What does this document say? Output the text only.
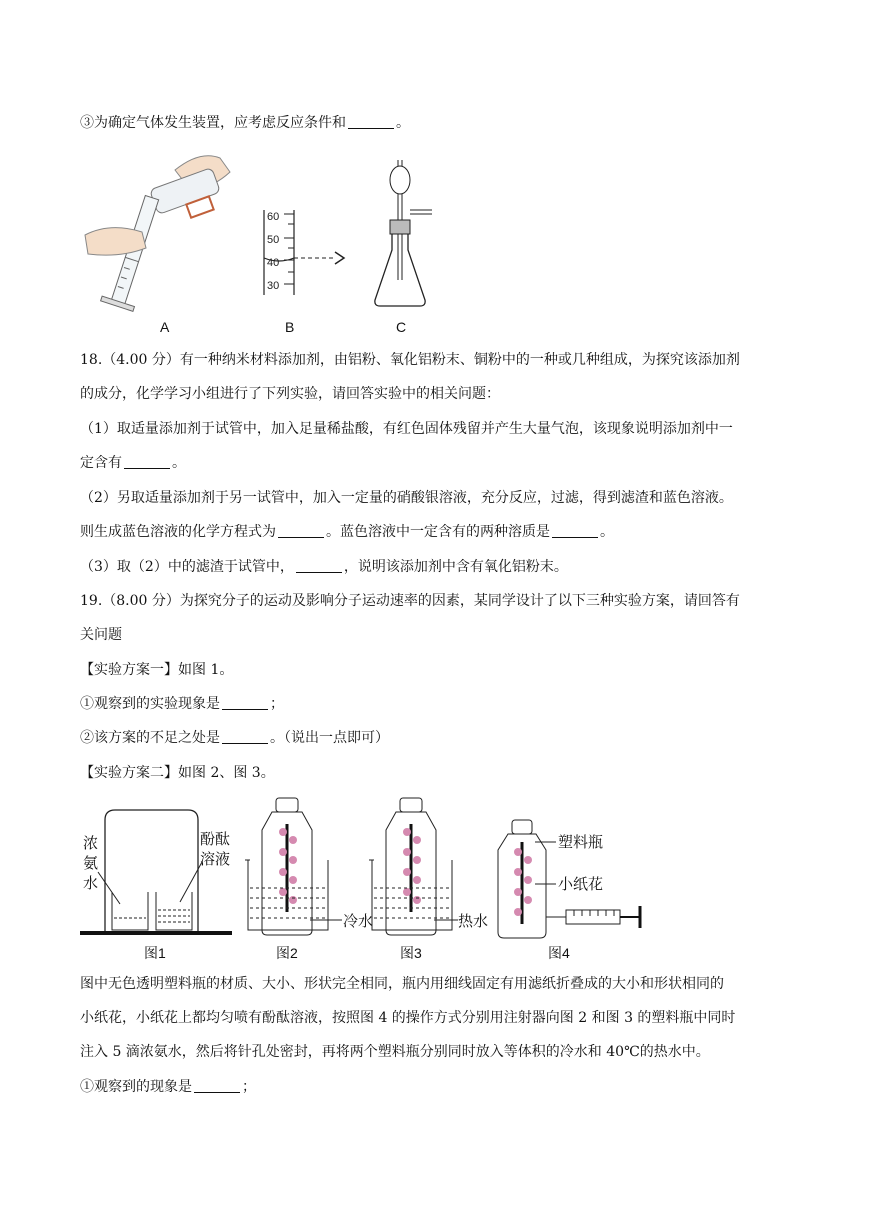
③为确定气体发生装置，应考虑反应条件和	。
A
60
50
40
30
B	C
18.（4.00 分）有一种纳米材料添加剂，由铝粉、氧化铝粉末、铜粉中的一种或几种组成，为探究该添加剂
的成分，化学学习小组进行了下列实验，请回答实验中的相关问题：
（1）取适量添加剂于试管中，加入足量稀盐酸，有红色固体残留并产生大量气泡，该现象说明添加剂中一
定含有	。
（2）另取适量添加剂于另一试管中，加入一定量的硝酸银溶液，充分反应，过滤，得到滤渣和蓝色溶液。
则生成蓝色溶液的化学方程式为	。蓝色溶液中一定含有的两种溶质是	。
（3）取（2）中的滤渣于试管中，	，说明该添加剂中含有氧化铝粉末。
19.（8.00 分）为探究分子的运动及影响分子运动速率的因素，某同学设计了以下三种实验方案，请回答有
关问题
【实验方案一】如图 1。
①观察到的实验现象是	；
②该方案的不足之处是	。（说出一点即可）
【实验方案二】如图 2、图 3。
浓
氨
水
酚酞
溶液
图1
冷水
图2
热水
图3
塑料瓶
小纸花
图4
图中无色透明塑料瓶的材质、大小、形状完全相同，瓶内用细线固定有用滤纸折叠成的大小和形状相同的
小纸花，小纸花上都均匀喷有酚酞溶液，按照图 4 的操作方式分别用注射器向图 2 和图 3 的塑料瓶中同时
注入 5 滴浓氨水，然后将针孔处密封，再将两个塑料瓶分别同时放入等体积的冷水和 40℃的热水中。
①观察到的现象是	；
